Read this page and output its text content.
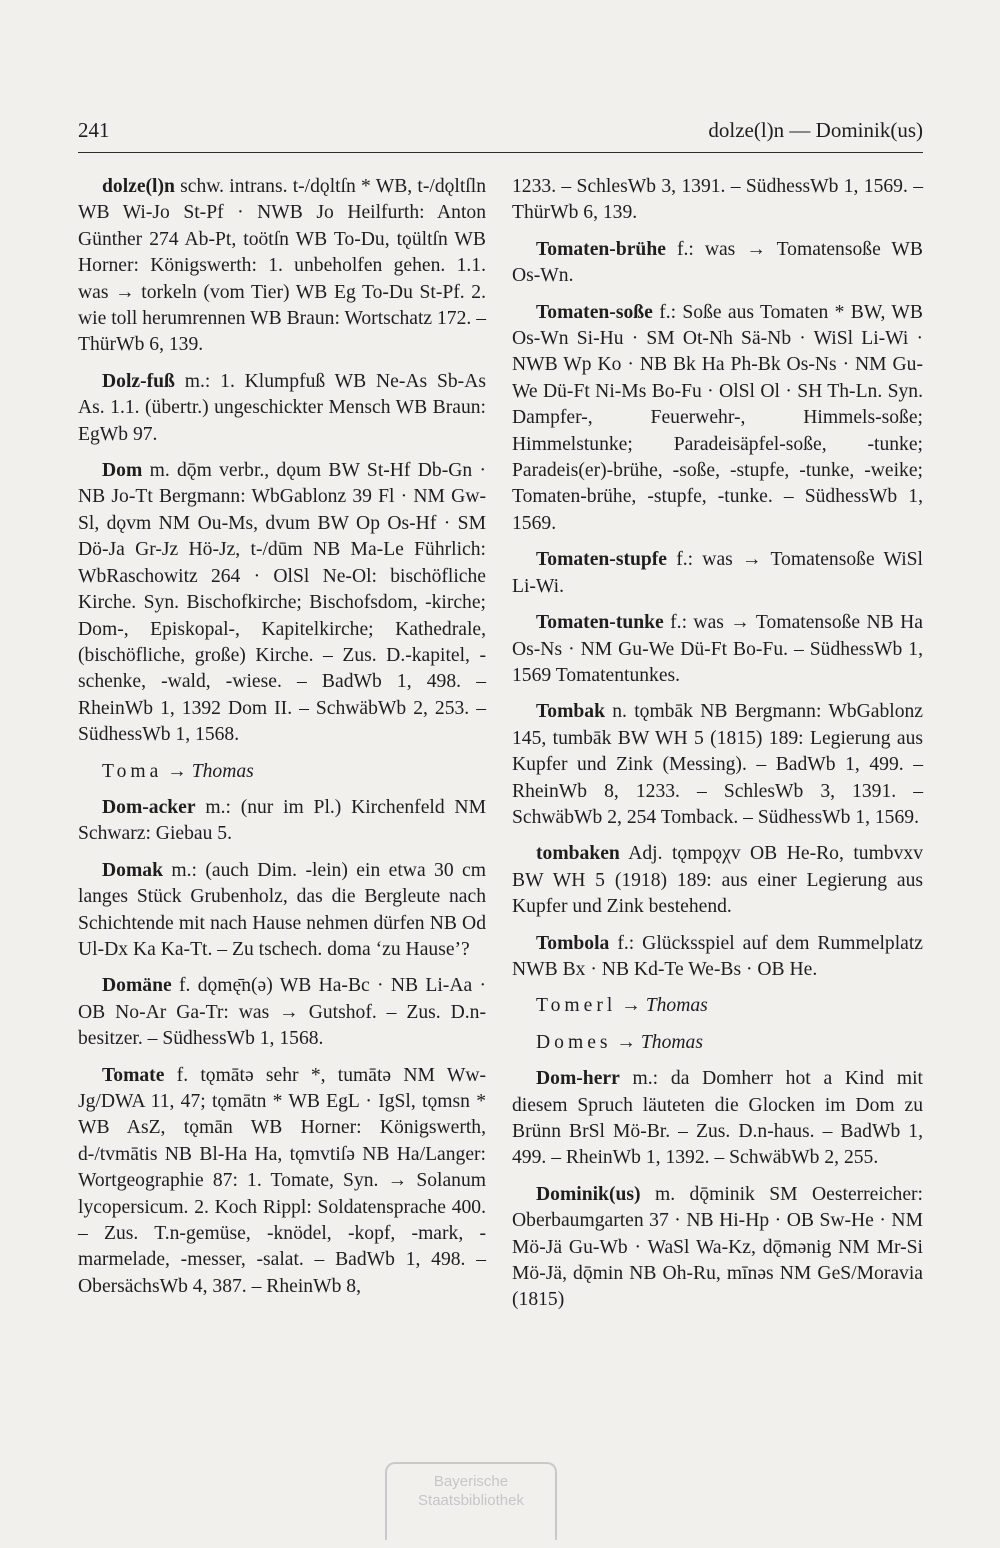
241	dolze(l)n — Dominik(us)

dolze(l)n schw. intrans. t-/dǫltſn * WB, t-/dǫltſln WB Wi-Jo St-Pf · NWB Jo Heilfurth: Anton Günther 274 Ab-Pt, toötſn WB To-Du, tǫültſn WB Horner: Königswerth: 1. unbeholfen gehen. 1.1. was → torkeln (vom Tier) WB Eg To-Du St-Pf. 2. wie toll herumrennen WB Braun: Wortschatz 172. – ThürWb 6, 139.

Dolz-fuß m.: 1. Klumpfuß WB Ne-As Sb-As As. 1.1. (übertr.) ungeschickter Mensch WB Braun: EgWb 97.

Dom m. dǭm verbr., dǫum BW St-Hf Db-Gn · NB Jo-Tt Bergmann: WbGablonz 39 Fl · NM Gw-Sl, dǫvm NM Ou-Ms, dvum BW Op Os-Hf · SM Dö-Ja Gr-Jz Hö-Jz, t-/dūm NB Ma-Le Führlich: WbRaschowitz 264 · OlSl Ne-Ol: bischöfliche Kirche. Syn. Bischofkirche; Bischofsdom, -kirche; Dom-, Episkopal-, Kapitelkirche; Kathedrale, (bischöfliche, große) Kirche. – Zus. D.-kapitel, -schenke, -wald, -wiese. – BadWb 1, 498. – RheinWb 1, 1392 Dom II. – SchwäbWb 2, 253. – SüdhessWb 1, 1568.

Toma → Thomas

Dom-acker m.: (nur im Pl.) Kirchenfeld NM Schwarz: Giebau 5.

Domak m.: (auch Dim. -lein) ein etwa 30 cm langes Stück Grubenholz, das die Bergleute nach Schichtende mit nach Hause nehmen dürfen NB Od Ul-Dx Ka Ka-Tt. – Zu tschech. doma ‘zu Hause’?

Domäne f. dǫmę̄n(ə) WB Ha-Bc · NB Li-Aa · OB No-Ar Ga-Tr: was → Gutshof. – Zus. D.n-besitzer. – SüdhessWb 1, 1568.

Tomate f. tǫmātə sehr *, tumātə NM Ww-Jg/DWA 11, 47; tǫmātn * WB EgL · IgSl, tǫmsn * WB AsZ, tǫmān WB Horner: Königswerth, d-/tvmātis NB Bl-Ha Ha, tǫmvtiſə NB Ha/Langer: Wortgeographie 87: 1. Tomate, Syn. → Solanum lycopersicum. 2. Koch Rippl: Soldatensprache 400. – Zus. T.n-gemüse, -knödel, -kopf, -mark, -marmelade, -messer, -salat. – BadWb 1, 498. – ObersächsWb 4, 387. – RheinWb 8,

1233. – SchlesWb 3, 1391. – SüdhessWb 1, 1569. – ThürWb 6, 139.

Tomaten-brühe f.: was → Tomatensoße WB Os-Wn.

Tomaten-soße f.: Soße aus Tomaten * BW, WB Os-Wn Si-Hu · SM Ot-Nh Sä-Nb · WiSl Li-Wi · NWB Wp Ko · NB Bk Ha Ph-Bk Os-Ns · NM Gu-We Dü-Ft Ni-Ms Bo-Fu · OlSl Ol · SH Th-Ln. Syn. Dampfer-, Feuerwehr-, Himmels-soße; Himmelstunke; Paradeisäpfel-soße, -tunke; Paradeis(er)-brühe, -soße, -stupfe, -tunke, -weike; Tomaten-brühe, -stupfe, -tunke. – SüdhessWb 1, 1569.

Tomaten-stupfe f.: was → Tomatensoße WiSl Li-Wi.

Tomaten-tunke f.: was → Tomatensoße NB Ha Os-Ns · NM Gu-We Dü-Ft Bo-Fu. – SüdhessWb 1, 1569 Tomatentunkes.

Tombak n. tǫmbāk NB Bergmann: WbGablonz 145, tumbāk BW WH 5 (1815) 189: Legierung aus Kupfer und Zink (Messing). – BadWb 1, 499. – RheinWb 8, 1233. – SchlesWb 3, 1391. – SchwäbWb 2, 254 Tomback. – SüdhessWb 1, 1569.

tombaken Adj. tǫmpǫχv OB He-Ro, tumbvxv BW WH 5 (1918) 189: aus einer Legierung aus Kupfer und Zink bestehend.

Tombola f.: Glücksspiel auf dem Rummelplatz NWB Bx · NB Kd-Te We-Bs · OB He.

Tomerl → Thomas

Domes → Thomas

Dom-herr m.: da Domherr hot a Kind mit diesem Spruch läuteten die Glocken im Dom zu Brünn BrSl Mö-Br. – Zus. D.n-haus. – BadWb 1, 499. – RheinWb 1, 1392. – SchwäbWb 2, 255.

Dominik(us) m. dǭminik SM Oesterreicher: Oberbaumgarten 37 · NB Hi-Hp · OB Sw-He · NM Mö-Jä Gu-Wb · WaSl Wa-Kz, dǭmənig NM Mr-Si Mö-Jä, dǭmin NB Oh-Ru, mīnəs NM GeS/Moravia (1815)

Bayerische
Staatsbibliothek
